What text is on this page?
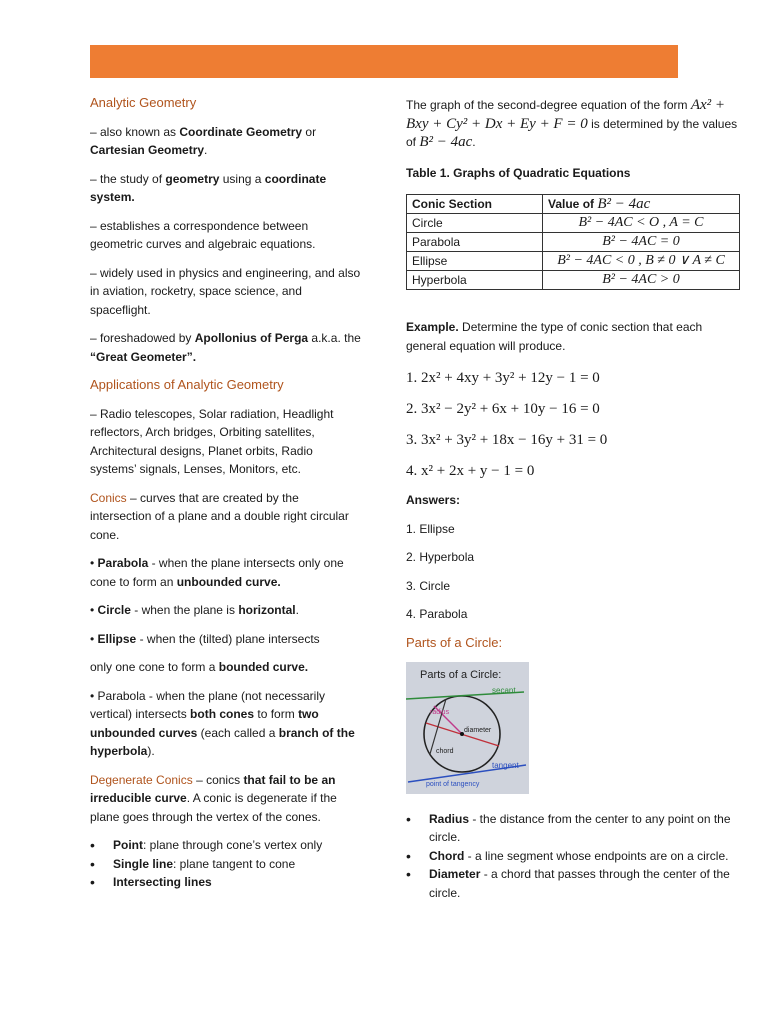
Analytic Geometry

– also known as Coordinate Geometry or Cartesian Geometry.

– the study of geometry using a coordinate system.

– establishes a correspondence between geometric curves and algebraic equations.

– widely used in physics and engineering, and also in aviation, rocketry, space science, and spaceflight.

– foreshadowed by Apollonius of Perga a.k.a. the “Great Geometer”.

Applications of Analytic Geometry

– Radio telescopes, Solar radiation, Headlight reflectors, Arch bridges, Orbiting satellites, Architectural designs, Planet orbits, Radio systems’ signals, Lenses, Monitors, etc.

Conics – curves that are created by the intersection of a plane and a double right circular cone.

• Parabola - when the plane intersects only one cone to form an unbounded curve.

• Circle - when the plane is horizontal.

• Ellipse - when the (tilted) plane intersects

only one cone to form a bounded curve.

• Parabola - when the plane (not necessarily vertical) intersects both cones to form two unbounded curves (each called a branch of the hyperbola).

Degenerate Conics – conics that fail to be an irreducible curve. A conic is degenerate if the plane goes through the vertex of the cones.

• Point: plane through cone’s vertex only
• Single line: plane tangent to cone
• Intersecting lines

The graph of the second-degree equation of the form Ax² + Bxy + Cy² + Dx + Ey + F = 0 is determined by the values of B² − 4ac.

Table 1. Graphs of Quadratic Equations

Conic Section	Value of B² − 4ac
Circle	B² − 4AC < O , A = C
Parabola	B² − 4AC = 0
Ellipse	B² − 4AC < 0 , B ≠ 0 ∨ A ≠ C
Hyperbola	B² − 4AC > 0

Example. Determine the type of conic section that each general equation will produce.

1. 2x² + 4xy + 3y² + 12y − 1 = 0
2. 3x² − 2y² + 6x + 10y − 16 = 0
3. 3x² + 3y² + 18x − 16y + 31 = 0
4. x² + 2x + y − 1 = 0

Answers:

1. Ellipse

2. Hyperbola

3. Circle

4. Parabola

Parts of a Circle:
Parts of a Circle:
secant
radius
diameter
chord
tangent
point of tangency
• Radius - the distance from the center to any point on the circle.
• Chord - a line segment whose endpoints are on a circle.
• Diameter - a chord that passes through the center of the circle.
